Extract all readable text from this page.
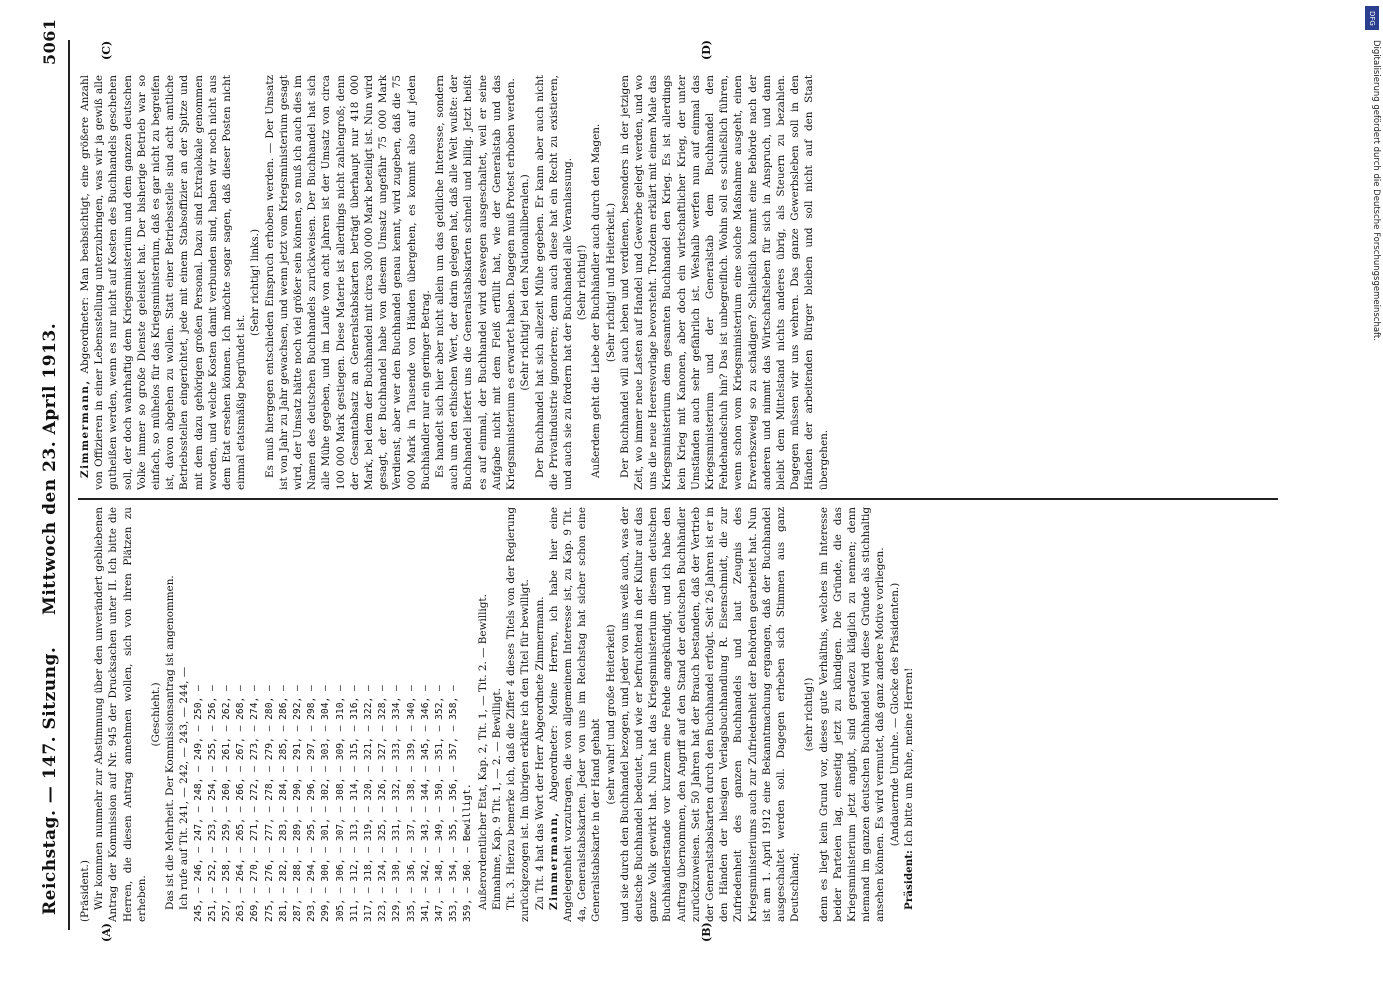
Reichstag. — 147. Sitzung.
Mittwoch den 23. April 1913.
5061
(A)	(B)
(C)	(D)

(Präsident.) Wir kommen nunmehr zur Abstimmung über den unverändert gebliebenen Antrag der Kommission auf Nr. 945 der Drucksachen unter II. Ich bitte die Herren, die diesen Antrag annehmen wollen, sich von ihren Plätzen zu erheben.

(Geschieht.) Das ist die Mehrheit. Der Kommissionsantrag ist angenommen. Ich rufe auf Tit. 241, — 242, — 243, — 244, —

245, — 246, — 247, — 248, — 249, — 250, —
251, — 252, — 253, — 254, — 255, — 256, —
257, — 258, — 259, — 260, — 261, — 262, —
263, — 264, — 265, — 266, — 267, — 268, —
269, — 270, — 271, — 272, — 273, — 274, —
275, — 276, — 277, — 278, — 279, — 280, —
281, — 282, — 283, — 284, — 285, — 286, —
287, — 288, — 289, — 290, — 291, — 292, —
293, — 294, — 295, — 296, — 297, — 298, —
299, — 300, — 301, — 302, — 303, — 304, —
305, — 306, — 307, — 308, — 309, — 310, —
311, — 312, — 313, — 314, — 315, — 316, —
317, — 318, — 319, — 320, — 321, — 322, —
323, — 324, — 325, — 326, — 327, — 328, —
329, — 330, — 331, — 332, — 333, — 334, —
335, — 336, — 337, — 338, — 339, — 340, —
341, — 342, — 343, — 344, — 345, — 346, —
347, — 348, — 349, — 350, — 351, — 352, —
353, — 354, — 355, — 356, — 357, — 358, —
359, — 360. — Bewilligt. Außerordentlicher Etat, Kap. 2, Tit. 1, — Tit. 2. — Bewilligt. Einnahme, Kap. 9 Tit. 1, — 2. — Bewilligt. Tit. 3. Hierzu bemerke ich, daß die Ziffer 4 dieses Titels von der Regierung zurückgezogen ist. Im übrigen erkläre ich den Titel für bewilligt. Zu Tit. 4 hat das Wort der Herr Abgeordnete Zimmermann. Zimmermann, Abgeordneter: Meine Herren, ich habe hier eine Angelegenheit vorzutragen, die von allgemeinem Interesse ist, zu Kap. 9 Tit. 4a, Generalstabskarten. Jeder von uns im Reichstag hat sicher schon eine Generalstabskarte in der Hand gehabt

(sehr wahr! und große Heiterkeit) und sie durch den Buchhandel bezogen, und jeder von uns weiß auch, was der deutsche Buchhandel bedeutet, und wie er befruchtend in der Kultur auf das ganze Volk gewirkt hat. Nun hat das Kriegsministerium diesem deutschen Buchhändlerstande vor kurzem eine Fehde angekündigt, und ich habe den Auftrag übernommen, den Angriff auf den Stand der deutschen Buchhändler zurückzuweisen. Seit 50 Jahren hat der Brauch bestanden, daß der Vertrieb der Generalstabskarten durch den Buchhandel erfolgt. Seit 26 Jahren ist er in den Händen der hiesigen Verlagsbuchhandlung R. Eisenschmidt, die zur Zufriedenheit des ganzen Buchhandels und laut Zeugnis des Kriegsministeriums auch zur Zufriedenheit der Behörden gearbeitet hat. Nun ist am 1. April 1912 eine Bekanntmachung ergangen, daß der Buchhandel ausgeschaltet werden soll. Dagegen erheben sich Stimmen aus ganz Deutschland;

(sehr richtig!) denn es liegt kein Grund vor, dieses gute Verhältnis, welches im Interesse beider Parteien lag, einseitig jetzt zu kündigen. Die Gründe, die das Kriegsministerium jetzt angibt, sind geradezu kläglich zu nennen; denn niemand im ganzen deutschen Buchhandel wird diese Gründe als stichhaltig ansehen können. Es wird vermutet, daß ganz andere Motive vorliegen. (Andauernde Unruhe. — Glocke des Präsidenten.)

Präsident: Ich bitte um Ruhe, meine Herren!

Zimmermann, Abgeordneter: Man beabsichtigt, eine größere Anzahl von Offizieren in einer Lebensstellung unterzubringen, was wir ja gewiß alle gutheißen werden, wenn es nur nicht auf Kosten des Buchhandels geschehen soll, der doch wahrhaftig dem Kriegsministerium und dem ganzen deutschen Volke immer so große Dienste geleistet hat. Der bisherige Betrieb war so einfach, so mühelos für das Kriegsministerium, daß es gar nicht zu begreifen ist, davon abgehen zu wollen. Statt einer Betriebsstelle sind acht amtliche Betriebsstellen eingerichtet, jede mit einem Stabsoffizier an der Spitze und mit dem dazu gehörigen großen Personal. Dazu sind Extralokale genommen worden, und welche Kosten damit verbunden sind, haben wir noch nicht aus dem Etat ersehen können. Ich möchte sogar sagen, daß dieser Posten nicht einmal etatsmäßig begründet ist.

(Sehr richtig! links.) Es muß hiergegen entschieden Einspruch erhoben werden. — Der Umsatz ist von Jahr zu Jahr gewachsen, und wenn jetzt vom Kriegsministerium gesagt wird, der Umsatz hätte noch viel größer sein können, so muß ich auch dies im Namen des deutschen Buchhandels zurückweisen. Der Buchhandel hat sich alle Mühe gegeben, und im Laufe von acht Jahren ist der Umsatz von circa 100 000 Mark gestiegen. Diese Materie ist allerdings nicht zahlengroß; denn der Gesamtabsatz an Generalstabskarten beträgt überhaupt nur 418 000 Mark, bei dem der Buchhandel mit circa 300 000 Mark beteiligt ist. Nun wird gesagt, der Buchhandel habe von diesem Umsatz ungefähr 75 000 Mark Verdienst, aber wer den Buchhandel genau kennt, wird zugeben, daß die 75 000 Mark in Tausende von Händen übergehen, es kommt also auf jeden Buchhändler nur ein geringer Betrag. Es handelt sich hier aber nicht allein um das geldliche Interesse, sondern auch um den ethischen Wert, der darin gelegen hat, daß alle Welt wußte: der Buchhandel liefert uns die Generalstabskarten schnell und billig. Jetzt heißt es auf einmal, der Buchhandel wird deswegen ausgeschaltet, weil er seine Aufgabe nicht mit dem Fleiß erfüllt hat, wie der Generalstab und das Kriegsministerium es erwartet haben. Dagegen muß Protest erhoben werden. (Sehr richtig! bei den Nationalliberalen.) Der Buchhandel hat sich allezeit Mühe gegeben. Er kann aber auch nicht die Privatindustrie ignorieren; denn auch diese hat ein Recht zu existieren, und auch sie zu fördern hat der Buchhandel alle Veranlassung. (Sehr richtig!) Außerdem geht die Liebe der Buchhändler auch durch den Magen. (Sehr richtig! und Heiterkeit.) Der Buchhandel will auch leben und verdienen, besonders in der jetzigen Zeit, wo immer neue Lasten auf Handel und Gewerbe gelegt werden, und wo uns die neue Heeresvorlage bevorsteht. Trotzdem erklärt mit einem Male das Kriegsministerium dem gesamten Buchhandel den Krieg. Es ist allerdings kein Krieg mit Kanonen, aber doch ein wirtschaftlicher Krieg, der unter Umständen auch sehr gefährlich ist. Weshalb werfen nun auf einmal das Kriegsministerium und der Generalstab dem Buchhandel den Fehdehandschuh hin? Das ist unbegreiflich. Wohin soll es schließlich führen, wenn schon vom Kriegsministerium eine solche Maßnahme ausgeht, einen Erwerbszweig so zu schädigen? Schließlich kommt eine Behörde nach der anderen und nimmt das Wirtschaftsleben für sich in Anspruch, und dann bleibt dem Mittelstand nichts anderes übrig, als Steuern zu bezahlen. Dagegen müssen wir uns wehren. Das ganze Gewerbsleben soll in den Händen der arbeitenden Bürger bleiben und soll nicht auf den Staat übergehen.

DFG
Digitalisierung gefördert durch die Deutsche Forschungsgemeinschaft.
